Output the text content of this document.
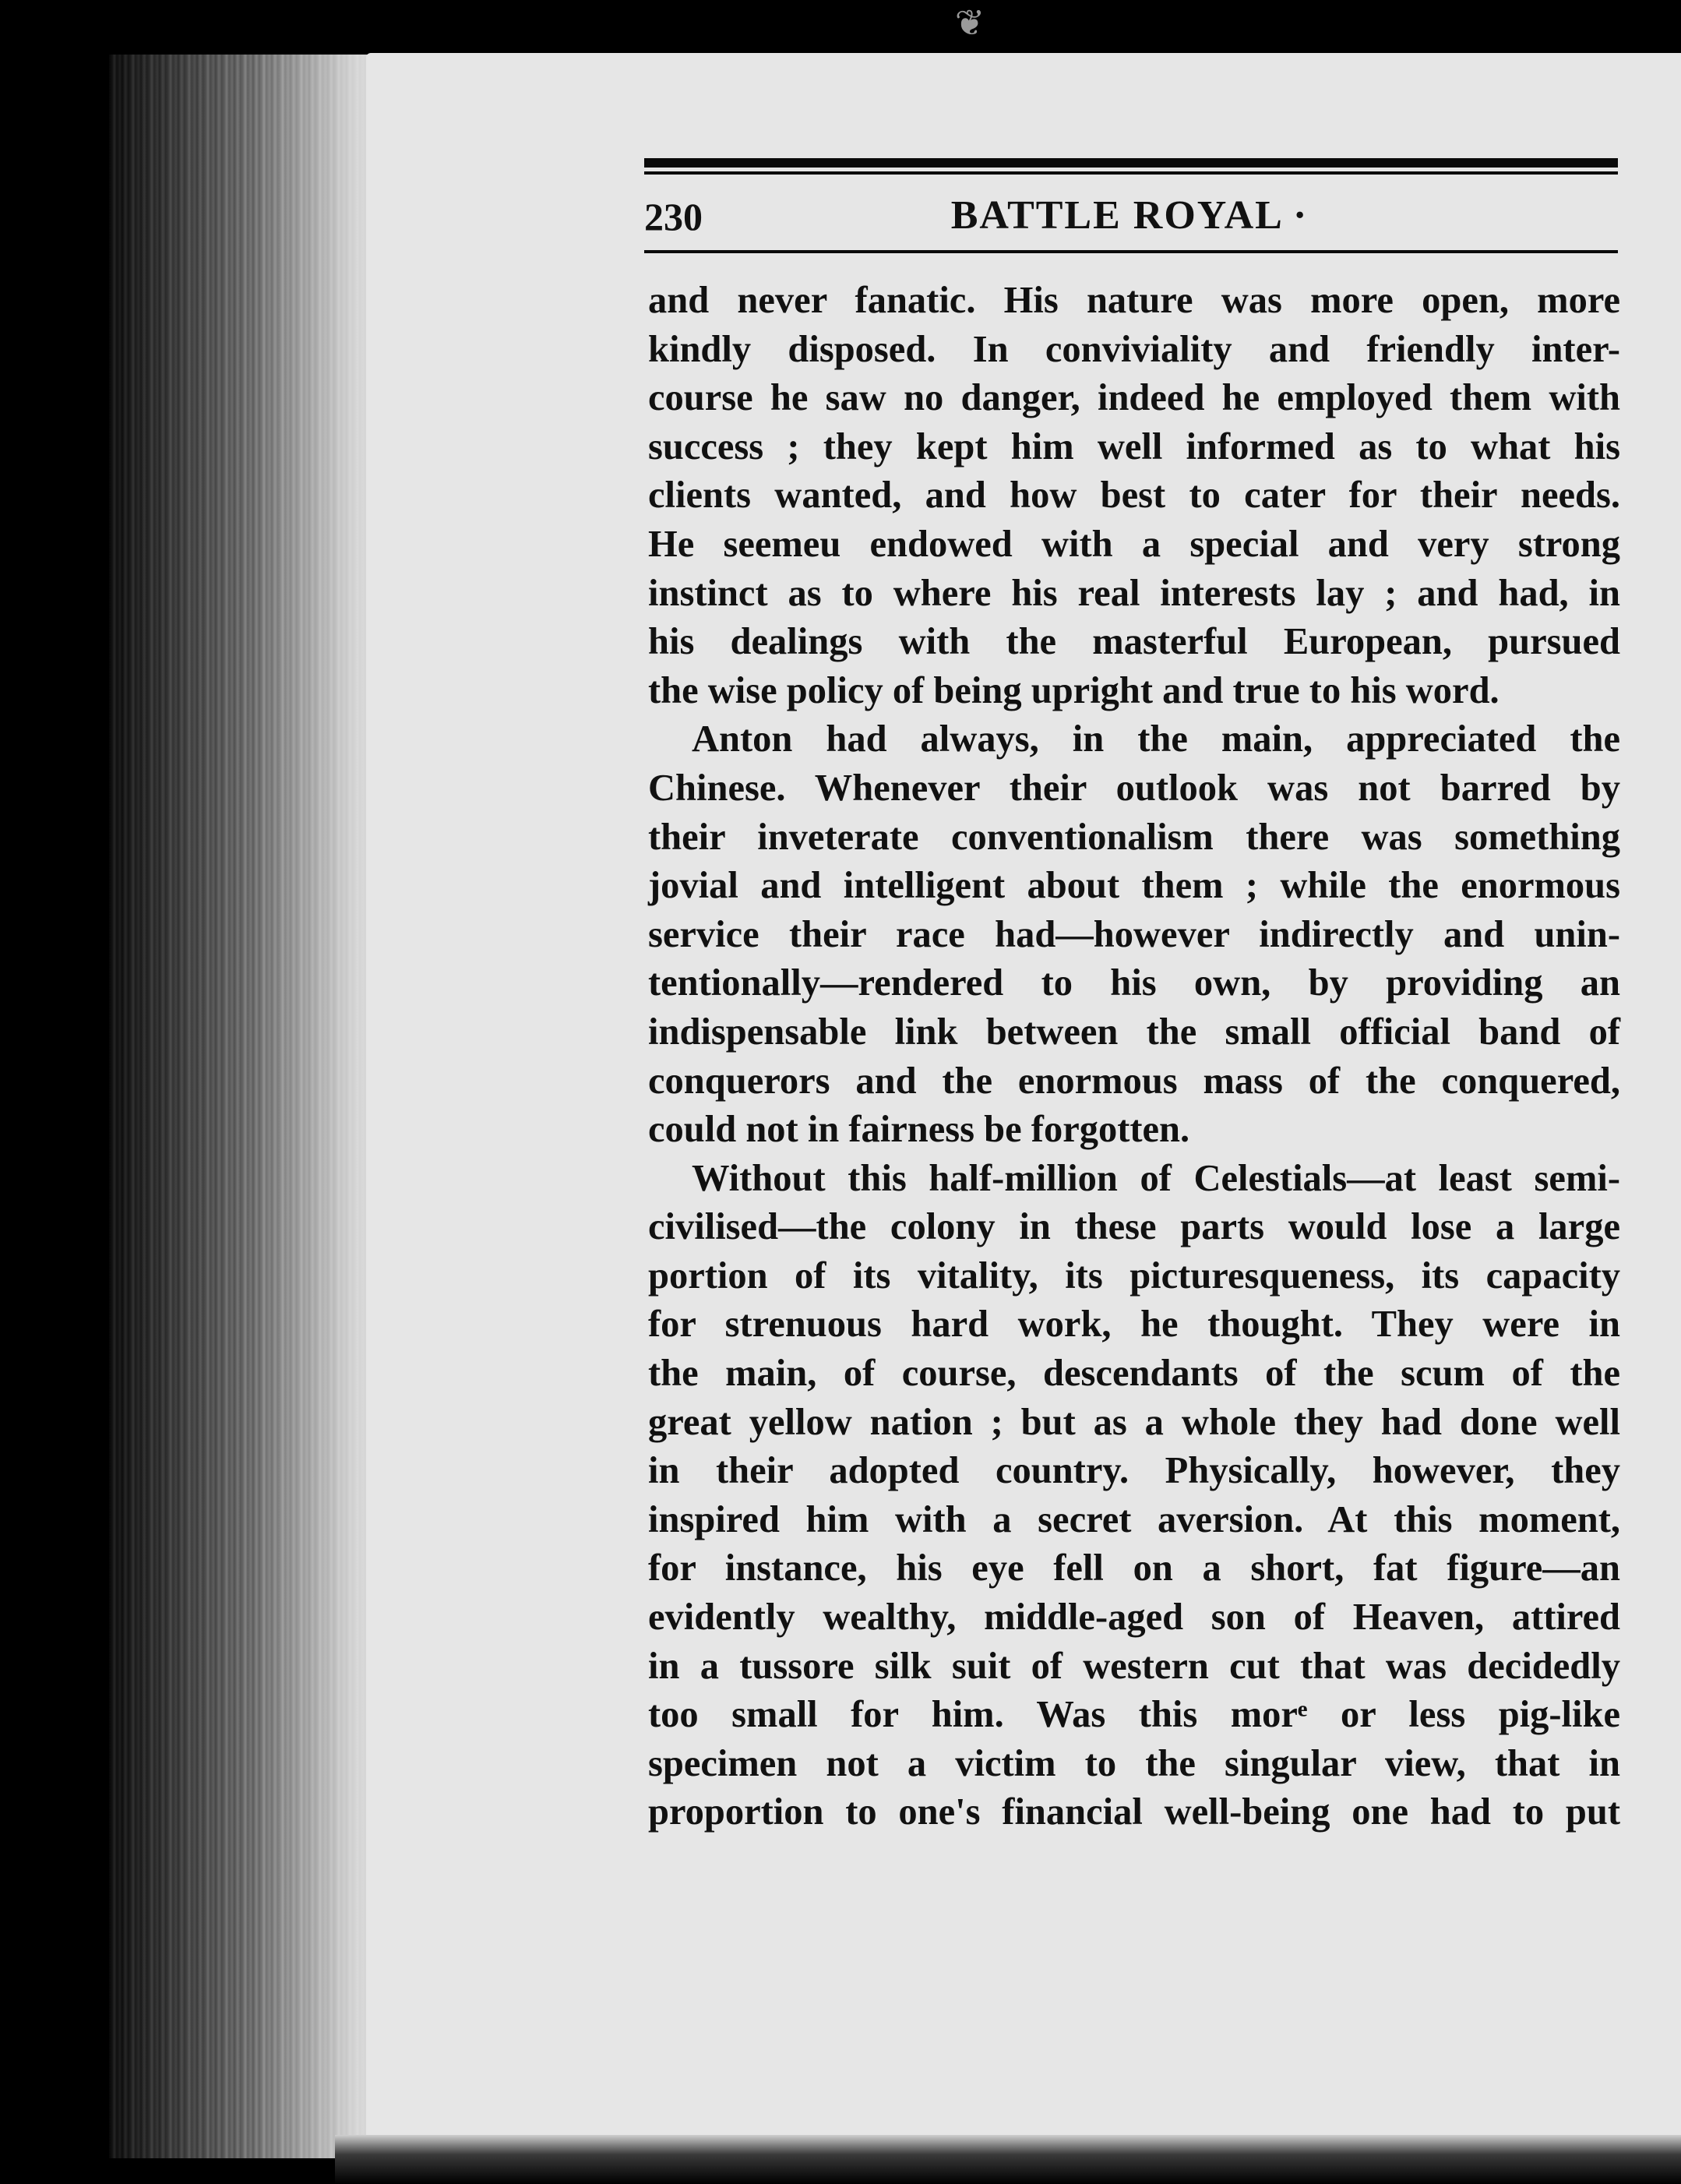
❦
230	BATTLE ROYAL ·
and never fanatic. His nature was more open, more
kindly disposed. In conviviality and friendly inter-
course he saw no danger, indeed he employed them with
success ; they kept him well informed as to what his
clients wanted, and how best to cater for their needs.
He seemeu endowed with a special and very strong
instinct as to where his real interests lay ; and had, in
his dealings with the masterful European, pursued
the wise policy of being upright and true to his word.
Anton had always, in the main, appreciated the
Chinese. Whenever their outlook was not barred by
their inveterate conventionalism there was something
jovial and intelligent about them ; while the enormous
service their race had—however indirectly and unin-
tentionally—rendered to his own, by providing an
indispensable link between the small official band of
conquerors and the enormous mass of the conquered,
could not in fairness be forgotten.
Without this half-million of Celestials—at least semi-
civilised—the colony in these parts would lose a large
portion of its vitality, its picturesqueness, its capacity
for strenuous hard work, he thought. They were in
the main, of course, descendants of the scum of the
great yellow nation ; but as a whole they had done well
in their adopted country. Physically, however, they
inspired him with a secret aversion. At this moment,
for instance, his eye fell on a short, fat figure—an
evidently wealthy, middle-aged son of Heaven, attired
in a tussore silk suit of western cut that was decidedly
too small for him. Was this morᵉ or less pig-like
specimen not a victim to the singular view, that in
proportion to one's financial well-being one had to put
